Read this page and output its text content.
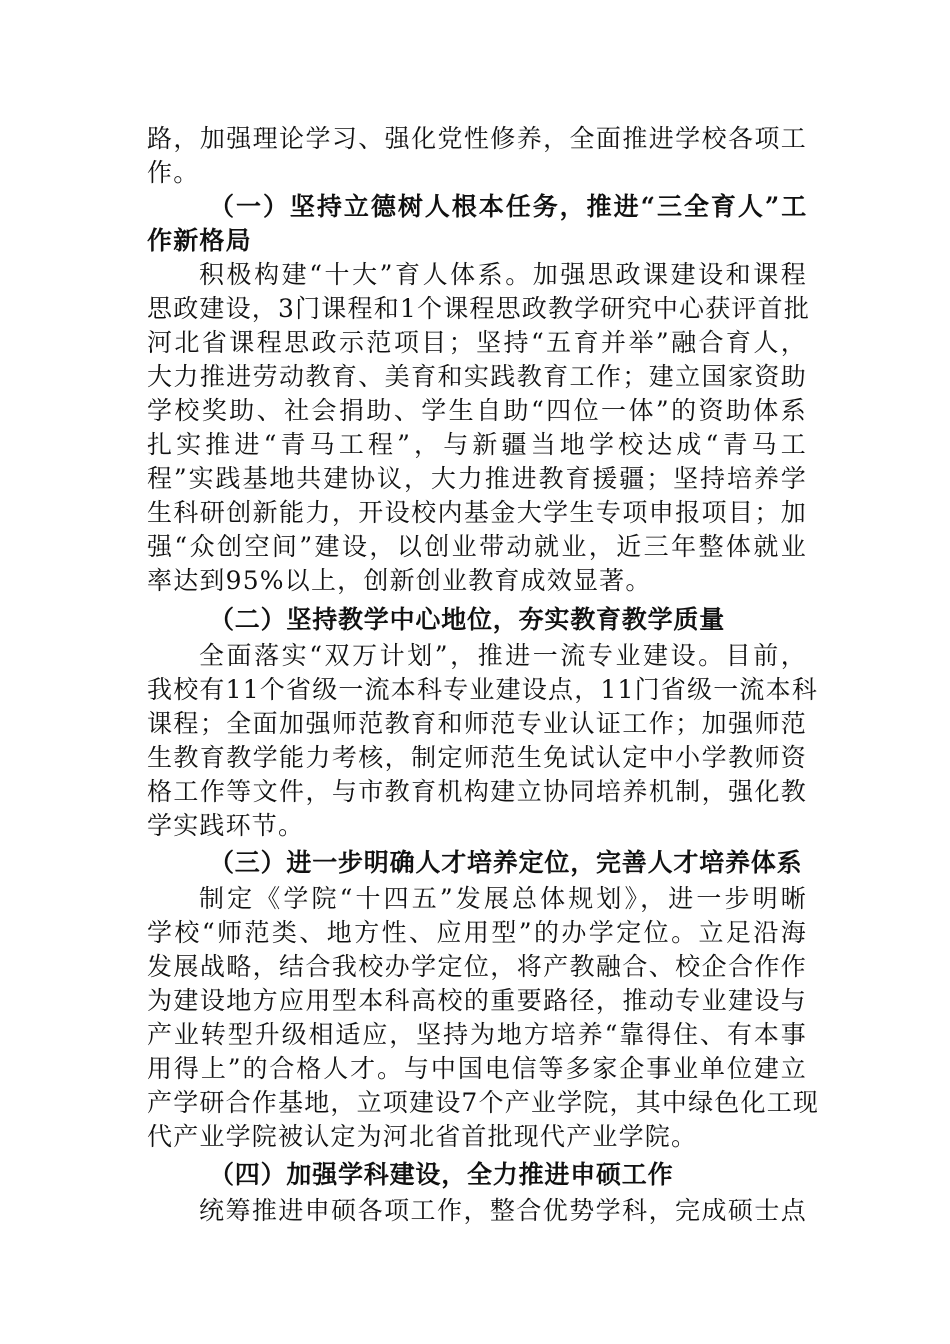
路，加强理论学习、强化党性修养，全面推进学校各项工
作。
（一）坚持立德树人根本任务，推进“三全育人”工
作新格局
积极构建“十大”育人体系。加强思政课建设和课程
思政建设，3门课程和1个课程思政教学研究中心获评首批
河北省课程思政示范项目；坚持“五育并举”融合育人，
大力推进劳动教育、美育和实践教育工作；建立国家资助
学校奖助、社会捐助、学生自助“四位一体”的资助体系
扎实推进“青马工程”，与新疆当地学校达成“青马工
程”实践基地共建协议，大力推进教育援疆；坚持培养学
生科研创新能力，开设校内基金大学生专项申报项目；加
强“众创空间”建设，以创业带动就业，近三年整体就业
率达到95%以上，创新创业教育成效显著。
（二）坚持教学中心地位，夯实教育教学质量
全面落实“双万计划”，推进一流专业建设。目前，
我校有11个省级一流本科专业建设点，11门省级一流本科
课程；全面加强师范教育和师范专业认证工作；加强师范
生教育教学能力考核，制定师范生免试认定中小学教师资
格工作等文件，与市教育机构建立协同培养机制，强化教
学实践环节。
（三）进一步明确人才培养定位，完善人才培养体系
制定《学院“十四五”发展总体规划》，进一步明晰
学校“师范类、地方性、应用型”的办学定位。立足沿海
发展战略，结合我校办学定位，将产教融合、校企合作作
为建设地方应用型本科高校的重要路径，推动专业建设与
产业转型升级相适应，坚持为地方培养“靠得住、有本事
用得上”的合格人才。与中国电信等多家企事业单位建立
产学研合作基地，立项建设7个产业学院，其中绿色化工现
代产业学院被认定为河北省首批现代产业学院。
（四）加强学科建设，全力推进申硕工作
统筹推进申硕各项工作，整合优势学科，完成硕士点
